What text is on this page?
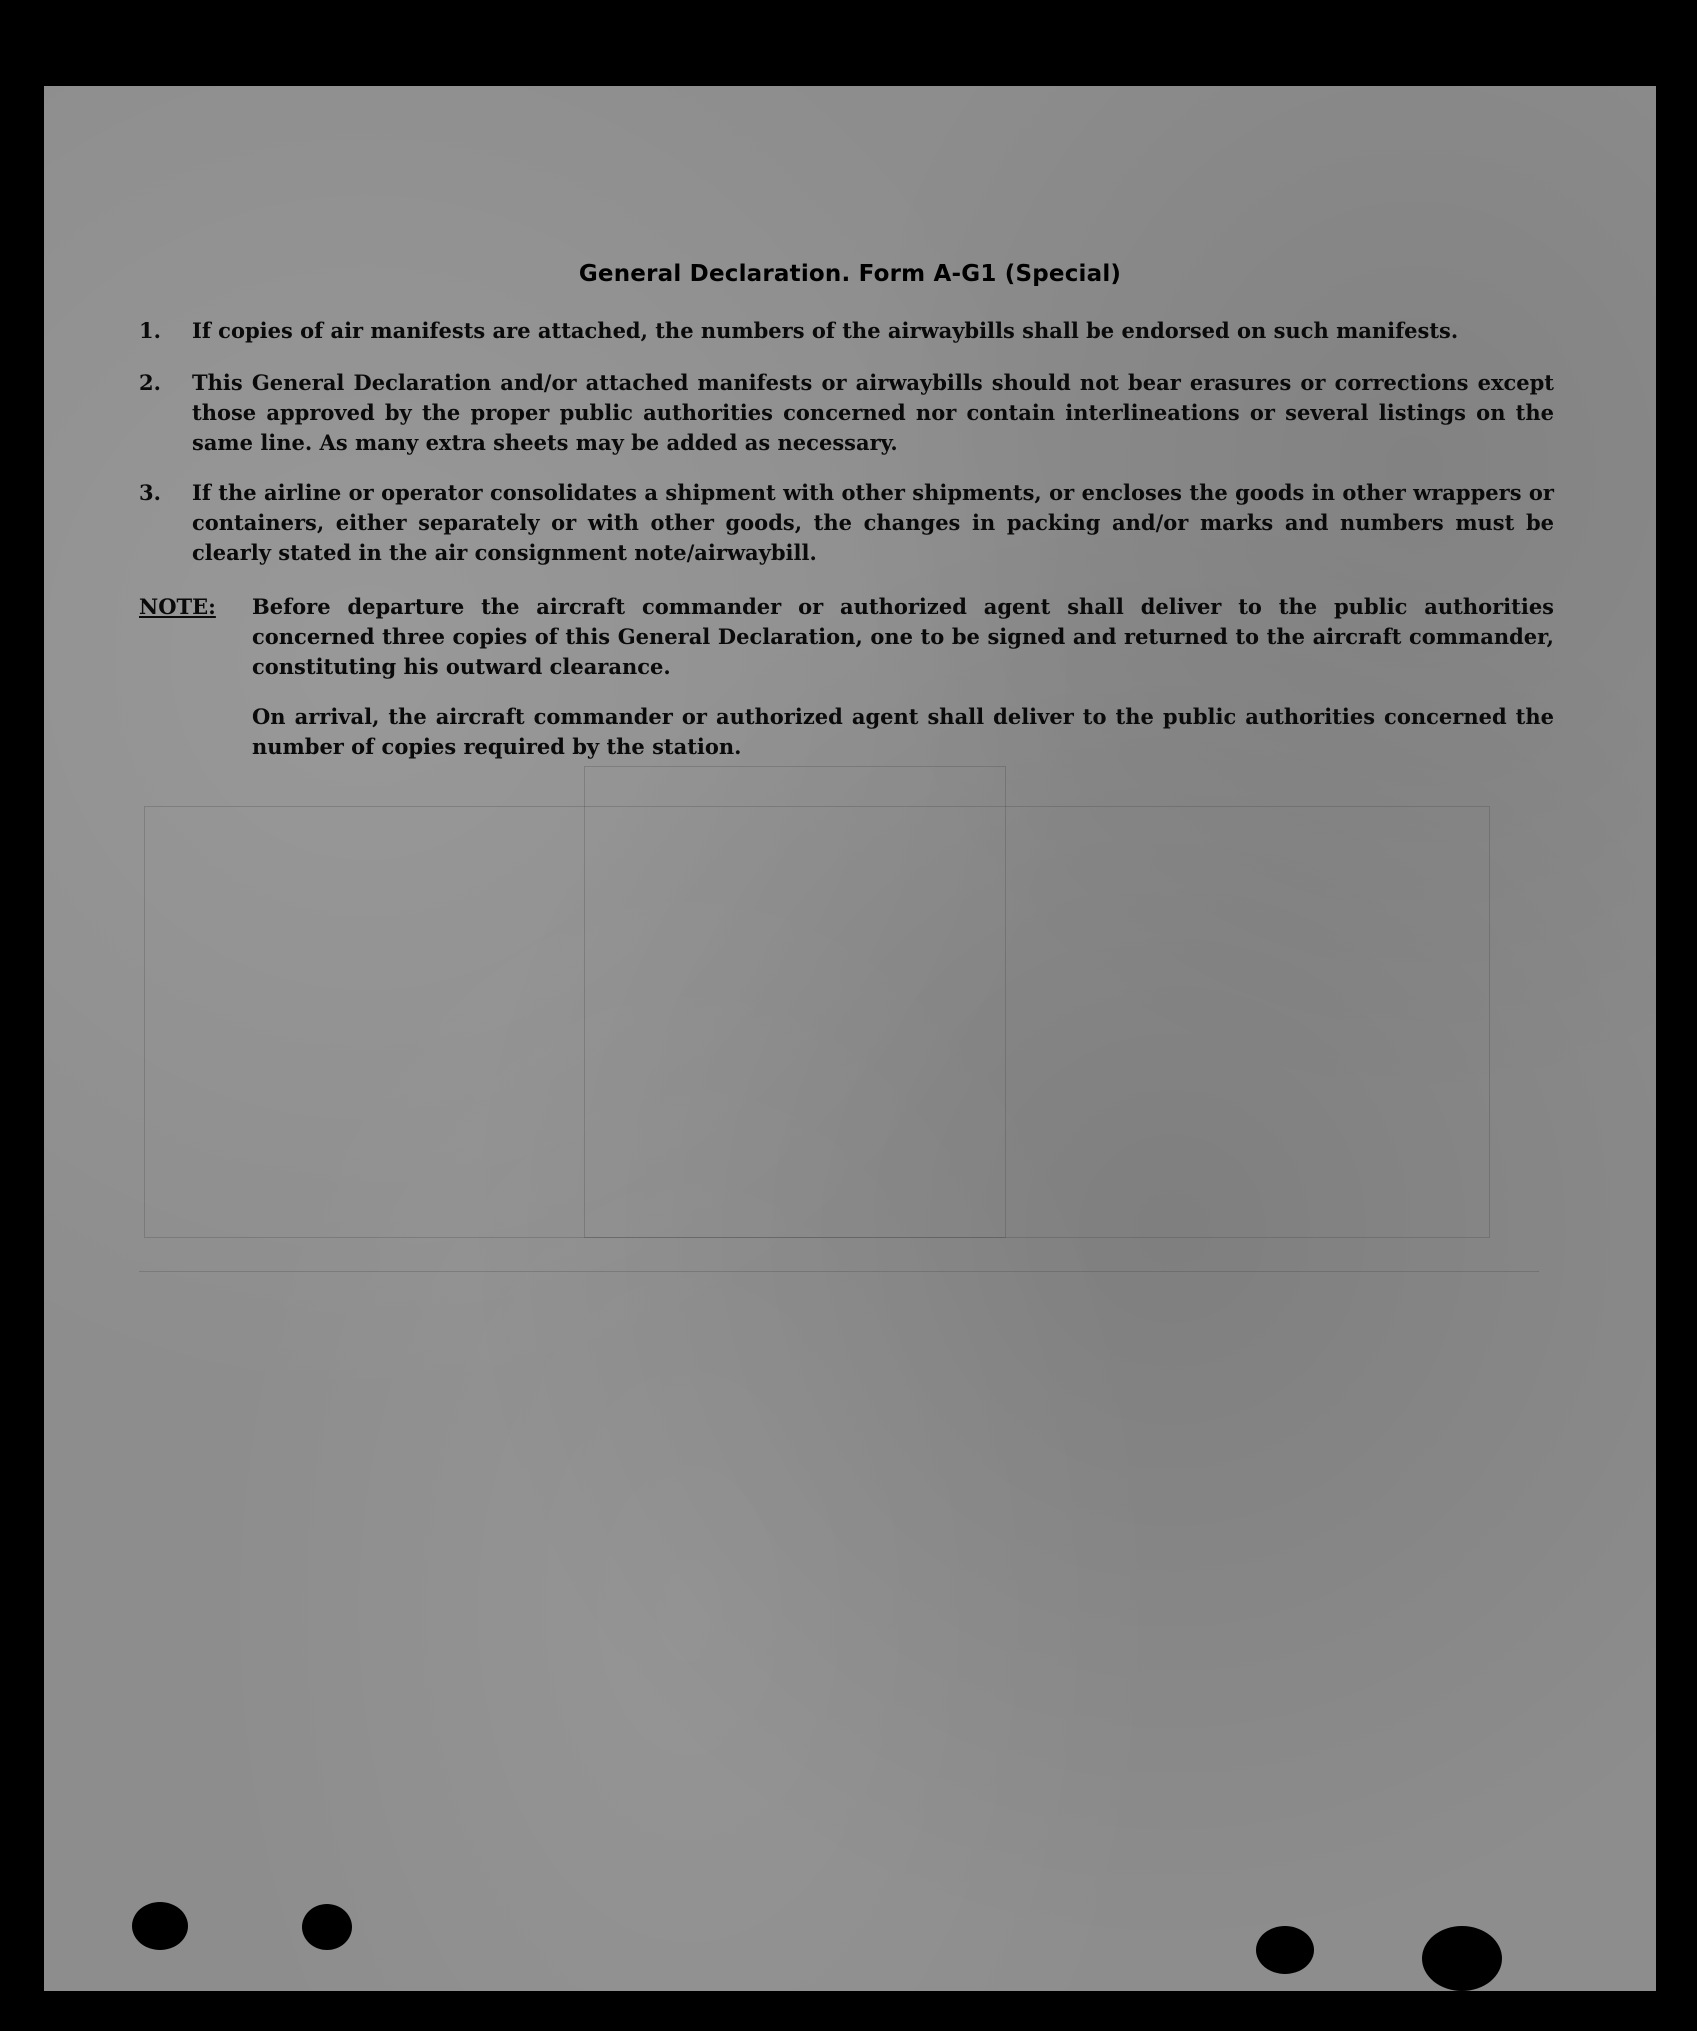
General Declaration. Form A-G1 (Special)
1.	If copies of air manifests are attached, the numbers of the airwaybills shall be endorsed on such manifests.
2.	This General Declaration and/or attached manifests or airwaybills should not bear erasures or corrections except those approved by the proper public authorities concerned nor contain interlineations or several listings on the same line. As many extra sheets may be added as necessary.
3.	If the airline or operator consolidates a shipment with other shipments, or encloses the goods in other wrappers or containers, either separately or with other goods, the changes in packing and/or marks and numbers must be clearly stated in the air consignment note/airwaybill.
NOTE: Before departure the aircraft commander or authorized agent shall deliver to the public authorities concerned three copies of this General Declaration, one to be signed and returned to the aircraft commander, constituting his outward clearance.
On arrival, the aircraft commander or authorized agent shall deliver to the public authorities concerned the number of copies required by the station.
